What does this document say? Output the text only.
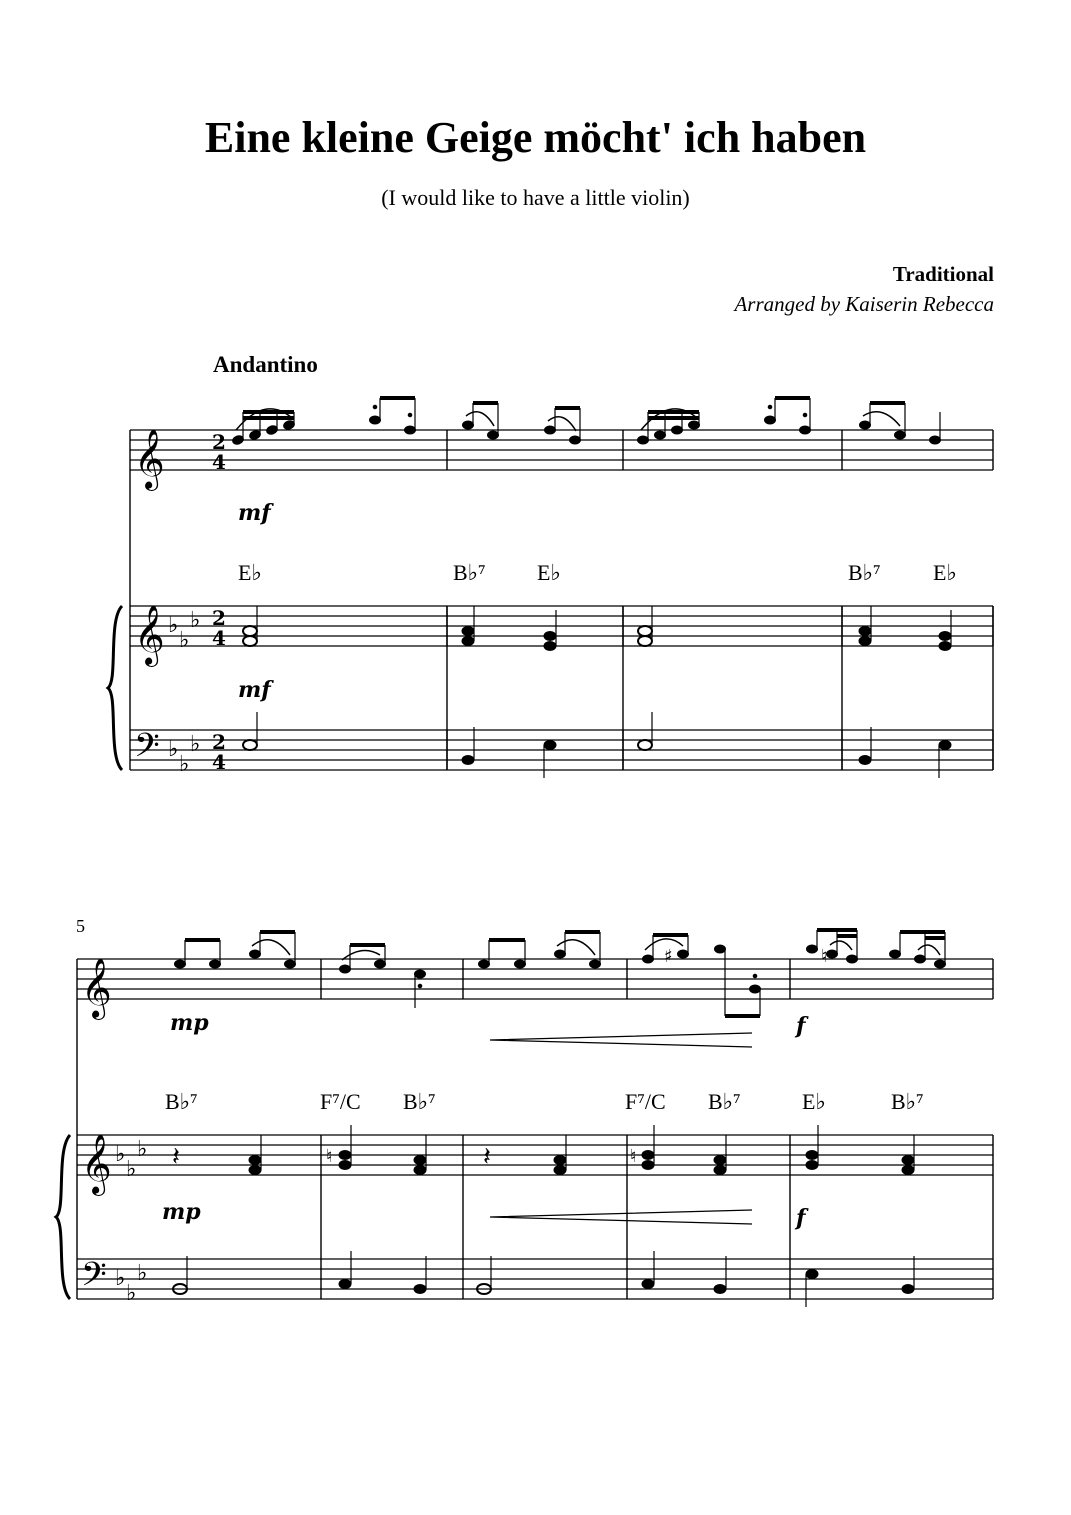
Eine kleine Geige möcht' ich haben
(I would like to have a little violin)
Traditional
Arranged by Kaiserin Rebecca
Andantino
𝄞
𝄞
𝄢
♭
♭
♭
♭
♭
♭
2
4
2
4
2
4
E♭	B♭⁷ E♭	B♭⁷ E♭
mf
mf
5
𝄞
𝄞
𝄢
♭
♭
♭
♭
♭
♭
♯	♮
𝄽	♮	𝄽	♮
B♭⁷	F⁷/C B♭⁷	F⁷/C B♭⁷	E♭	B♭⁷
mp	f
mp	f
